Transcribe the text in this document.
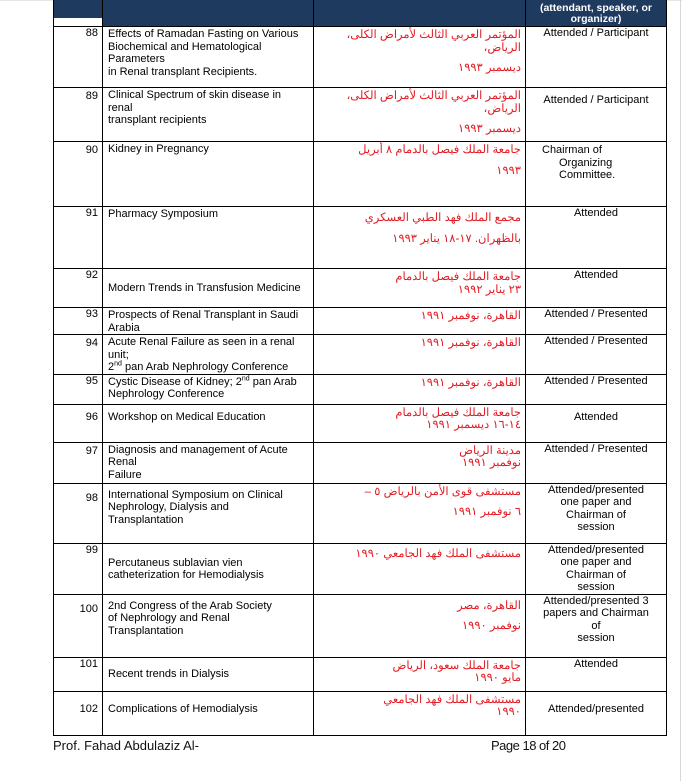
			(attendant, speaker, or organizer)
88	Effects of Ramadan Fasting on Various
Biochemical and Hematological
Parameters
in Renal transplant Recipients.	المؤتمر العربي الثالث لأمراض الكلى، الرياض،
ديسمبر ١٩٩٣	Attended / Participant

89	Clinical Spectrum of skin disease in renal
transplant recipients	المؤتمر العربي الثالث لأمراض الكلى، الرياض،
ديسمبر ١٩٩٣	Attended / Participant

90	Kidney in Pregnancy	جامعة الملك فيصل بالدمام ٨ أبريل
١٩٩٣	Chairman of
Organizing
Committee.

91	Pharmacy Symposium	مجمع الملك فهد الطبي العسكري
بالظهران. ١٧-١٨ يناير ١٩٩٣	Attended

92	Modern Trends in Transfusion Medicine	جامعة الملك فيصل بالدمام
٢٣ يناير ١٩٩٢	Attended

93	Prospects of Renal Transplant in Saudi
Arabia	القاهرة، نوفمبر ١٩٩١	Attended / Presented

94	Acute Renal Failure as seen in a renal
unit;
2nd pan Arab Nephrology Conference	القاهرة، نوفمبر ١٩٩١	Attended / Presented

95	Cystic Disease of Kidney; 2nd pan Arab
Nephrology Conference	القاهرة، نوفمبر ١٩٩١	Attended / Presented

96	Workshop on Medical Education	جامعة الملك فيصل بالدمام
١٤-١٦ ديسمبر ١٩٩١	Attended

97	Diagnosis and management of Acute
Renal
Failure	مدينة الرياض
نوفمبر ١٩٩١	Attended / Presented

98	International Symposium on Clinical
Nephrology, Dialysis and
Transplantation	مستشفى قوى الأمن بالرياض ٥ –
٦ نوفمبر ١٩٩١	Attended/presented
one paper and
Chairman of
session

99	Percutaneus sublavian vien
catheterization for Hemodialysis	مستشفى الملك فهد الجامعي ١٩٩٠	Attended/presented
one paper and
Chairman of
session

100	2nd Congress of the Arab Society
of Nephrology and Renal
Transplantation	القاهرة، مصر
نوفمبر ١٩٩٠	Attended/presented 3
papers and Chairman
of
session

101	Recent trends in Dialysis	جامعة الملك سعود، الرياض
مايو ١٩٩٠	Attended

102	Complications of Hemodialysis	مستشفى الملك فهد الجامعي
١٩٩٠	Attended/presented
Prof. Fahad Abdulaziz Al-	Page 18 of 20
